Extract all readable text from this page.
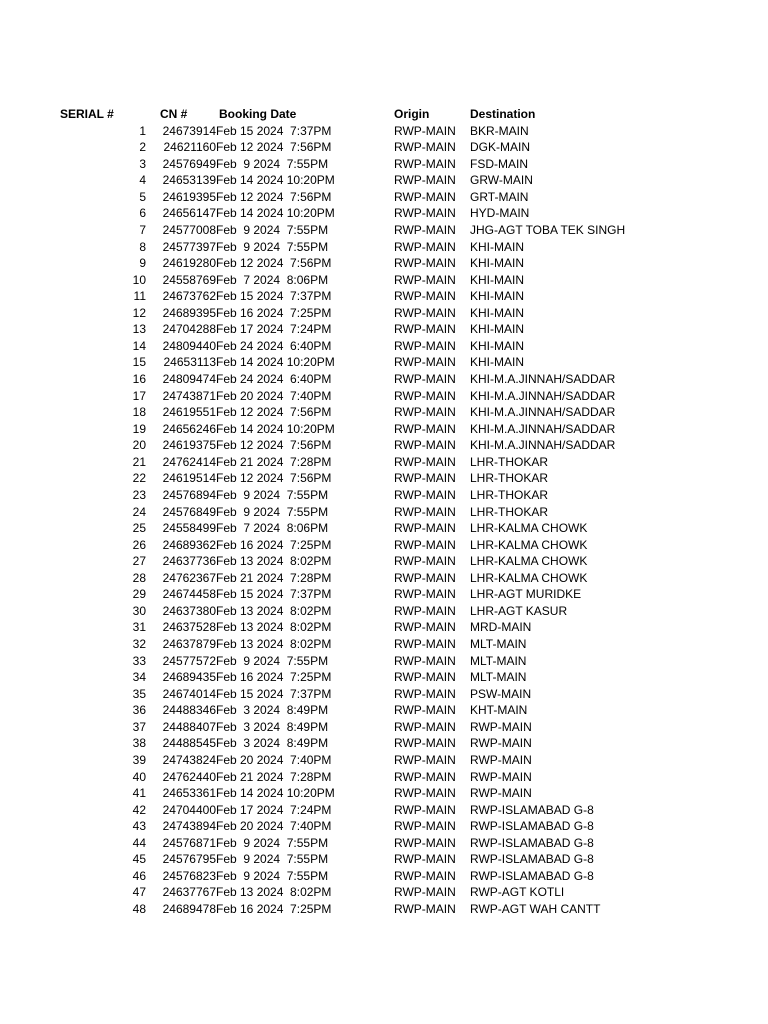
SERIAL #	CN #	Booking Date	Origin	Destination
1	24673914	Feb 15 2024  7:37PM	RWP-MAIN	BKR-MAIN
2	24621160	Feb 12 2024  7:56PM	RWP-MAIN	DGK-MAIN
3	24576949	Feb  9 2024  7:55PM	RWP-MAIN	FSD-MAIN
4	24653139	Feb 14 2024 10:20PM	RWP-MAIN	GRW-MAIN
5	24619395	Feb 12 2024  7:56PM	RWP-MAIN	GRT-MAIN
6	24656147	Feb 14 2024 10:20PM	RWP-MAIN	HYD-MAIN
7	24577008	Feb  9 2024  7:55PM	RWP-MAIN	JHG-AGT TOBA TEK SINGH
8	24577397	Feb  9 2024  7:55PM	RWP-MAIN	KHI-MAIN
9	24619280	Feb 12 2024  7:56PM	RWP-MAIN	KHI-MAIN
10	24558769	Feb  7 2024  8:06PM	RWP-MAIN	KHI-MAIN
11	24673762	Feb 15 2024  7:37PM	RWP-MAIN	KHI-MAIN
12	24689395	Feb 16 2024  7:25PM	RWP-MAIN	KHI-MAIN
13	24704288	Feb 17 2024  7:24PM	RWP-MAIN	KHI-MAIN
14	24809440	Feb 24 2024  6:40PM	RWP-MAIN	KHI-MAIN
15	24653113	Feb 14 2024 10:20PM	RWP-MAIN	KHI-MAIN
16	24809474	Feb 24 2024  6:40PM	RWP-MAIN	KHI-M.A.JINNAH/SADDAR
17	24743871	Feb 20 2024  7:40PM	RWP-MAIN	KHI-M.A.JINNAH/SADDAR
18	24619551	Feb 12 2024  7:56PM	RWP-MAIN	KHI-M.A.JINNAH/SADDAR
19	24656246	Feb 14 2024 10:20PM	RWP-MAIN	KHI-M.A.JINNAH/SADDAR
20	24619375	Feb 12 2024  7:56PM	RWP-MAIN	KHI-M.A.JINNAH/SADDAR
21	24762414	Feb 21 2024  7:28PM	RWP-MAIN	LHR-THOKAR
22	24619514	Feb 12 2024  7:56PM	RWP-MAIN	LHR-THOKAR
23	24576894	Feb  9 2024  7:55PM	RWP-MAIN	LHR-THOKAR
24	24576849	Feb  9 2024  7:55PM	RWP-MAIN	LHR-THOKAR
25	24558499	Feb  7 2024  8:06PM	RWP-MAIN	LHR-KALMA CHOWK
26	24689362	Feb 16 2024  7:25PM	RWP-MAIN	LHR-KALMA CHOWK
27	24637736	Feb 13 2024  8:02PM	RWP-MAIN	LHR-KALMA CHOWK
28	24762367	Feb 21 2024  7:28PM	RWP-MAIN	LHR-KALMA CHOWK
29	24674458	Feb 15 2024  7:37PM	RWP-MAIN	LHR-AGT MURIDKE
30	24637380	Feb 13 2024  8:02PM	RWP-MAIN	LHR-AGT KASUR
31	24637528	Feb 13 2024  8:02PM	RWP-MAIN	MRD-MAIN
32	24637879	Feb 13 2024  8:02PM	RWP-MAIN	MLT-MAIN
33	24577572	Feb  9 2024  7:55PM	RWP-MAIN	MLT-MAIN
34	24689435	Feb 16 2024  7:25PM	RWP-MAIN	MLT-MAIN
35	24674014	Feb 15 2024  7:37PM	RWP-MAIN	PSW-MAIN
36	24488346	Feb  3 2024  8:49PM	RWP-MAIN	KHT-MAIN
37	24488407	Feb  3 2024  8:49PM	RWP-MAIN	RWP-MAIN
38	24488545	Feb  3 2024  8:49PM	RWP-MAIN	RWP-MAIN
39	24743824	Feb 20 2024  7:40PM	RWP-MAIN	RWP-MAIN
40	24762440	Feb 21 2024  7:28PM	RWP-MAIN	RWP-MAIN
41	24653361	Feb 14 2024 10:20PM	RWP-MAIN	RWP-MAIN
42	24704400	Feb 17 2024  7:24PM	RWP-MAIN	RWP-ISLAMABAD G-8
43	24743894	Feb 20 2024  7:40PM	RWP-MAIN	RWP-ISLAMABAD G-8
44	24576871	Feb  9 2024  7:55PM	RWP-MAIN	RWP-ISLAMABAD G-8
45	24576795	Feb  9 2024  7:55PM	RWP-MAIN	RWP-ISLAMABAD G-8
46	24576823	Feb  9 2024  7:55PM	RWP-MAIN	RWP-ISLAMABAD G-8
47	24637767	Feb 13 2024  8:02PM	RWP-MAIN	RWP-AGT KOTLI
48	24689478	Feb 16 2024  7:25PM	RWP-MAIN	RWP-AGT WAH CANTT
